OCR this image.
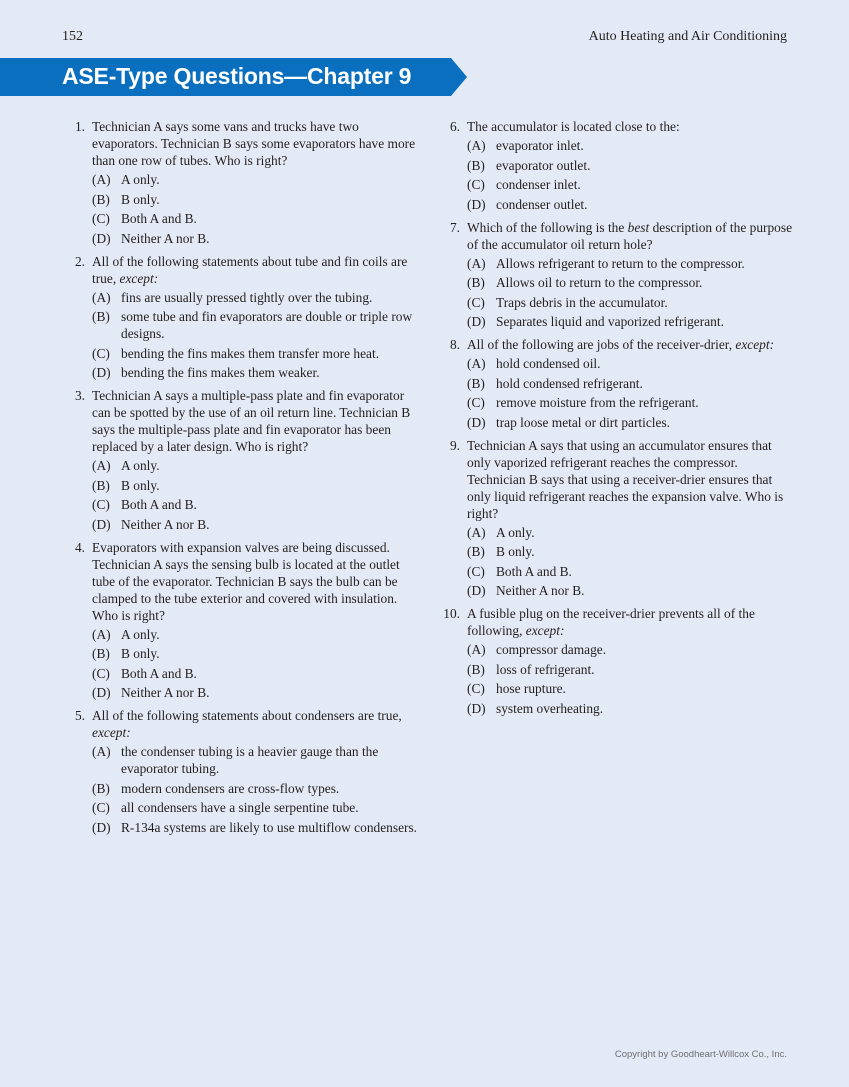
152	Auto Heating and Air Conditioning
ASE-Type Questions—Chapter 9
1. Technician A says some vans and trucks have two evaporators. Technician B says some evaporators have more than one row of tubes. Who is right?
(A) A only.
(B) B only.
(C) Both A and B.
(D) Neither A nor B.
2. All of the following statements about tube and fin coils are true, except:
(A) fins are usually pressed tightly over the tubing.
(B) some tube and fin evaporators are double or triple row designs.
(C) bending the fins makes them transfer more heat.
(D) bending the fins makes them weaker.
3. Technician A says a multiple-pass plate and fin evaporator can be spotted by the use of an oil return line. Technician B says the multiple-pass plate and fin evaporator has been replaced by a later design. Who is right?
(A) A only.
(B) B only.
(C) Both A and B.
(D) Neither A nor B.
4. Evaporators with expansion valves are being discussed. Technician A says the sensing bulb is located at the outlet tube of the evaporator. Technician B says the bulb can be clamped to the tube exterior and covered with insulation. Who is right?
(A) A only.
(B) B only.
(C) Both A and B.
(D) Neither A nor B.
5. All of the following statements about condensers are true, except:
(A) the condenser tubing is a heavier gauge than the evaporator tubing.
(B) modern condensers are cross-flow types.
(C) all condensers have a single serpentine tube.
(D) R-134a systems are likely to use multiflow condensers.
6. The accumulator is located close to the:
(A) evaporator inlet.
(B) evaporator outlet.
(C) condenser inlet.
(D) condenser outlet.
7. Which of the following is the best description of the purpose of the accumulator oil return hole?
(A) Allows refrigerant to return to the compressor.
(B) Allows oil to return to the compressor.
(C) Traps debris in the accumulator.
(D) Separates liquid and vaporized refrigerant.
8. All of the following are jobs of the receiver-drier, except:
(A) hold condensed oil.
(B) hold condensed refrigerant.
(C) remove moisture from the refrigerant.
(D) trap loose metal or dirt particles.
9. Technician A says that using an accumulator ensures that only vaporized refrigerant reaches the compressor. Technician B says that using a receiver-drier ensures that only liquid refrigerant reaches the expansion valve. Who is right?
(A) A only.
(B) B only.
(C) Both A and B.
(D) Neither A nor B.
10. A fusible plug on the receiver-drier prevents all of the following, except:
(A) compressor damage.
(B) loss of refrigerant.
(C) hose rupture.
(D) system overheating.
Copyright by Goodheart-Willcox Co., Inc.
